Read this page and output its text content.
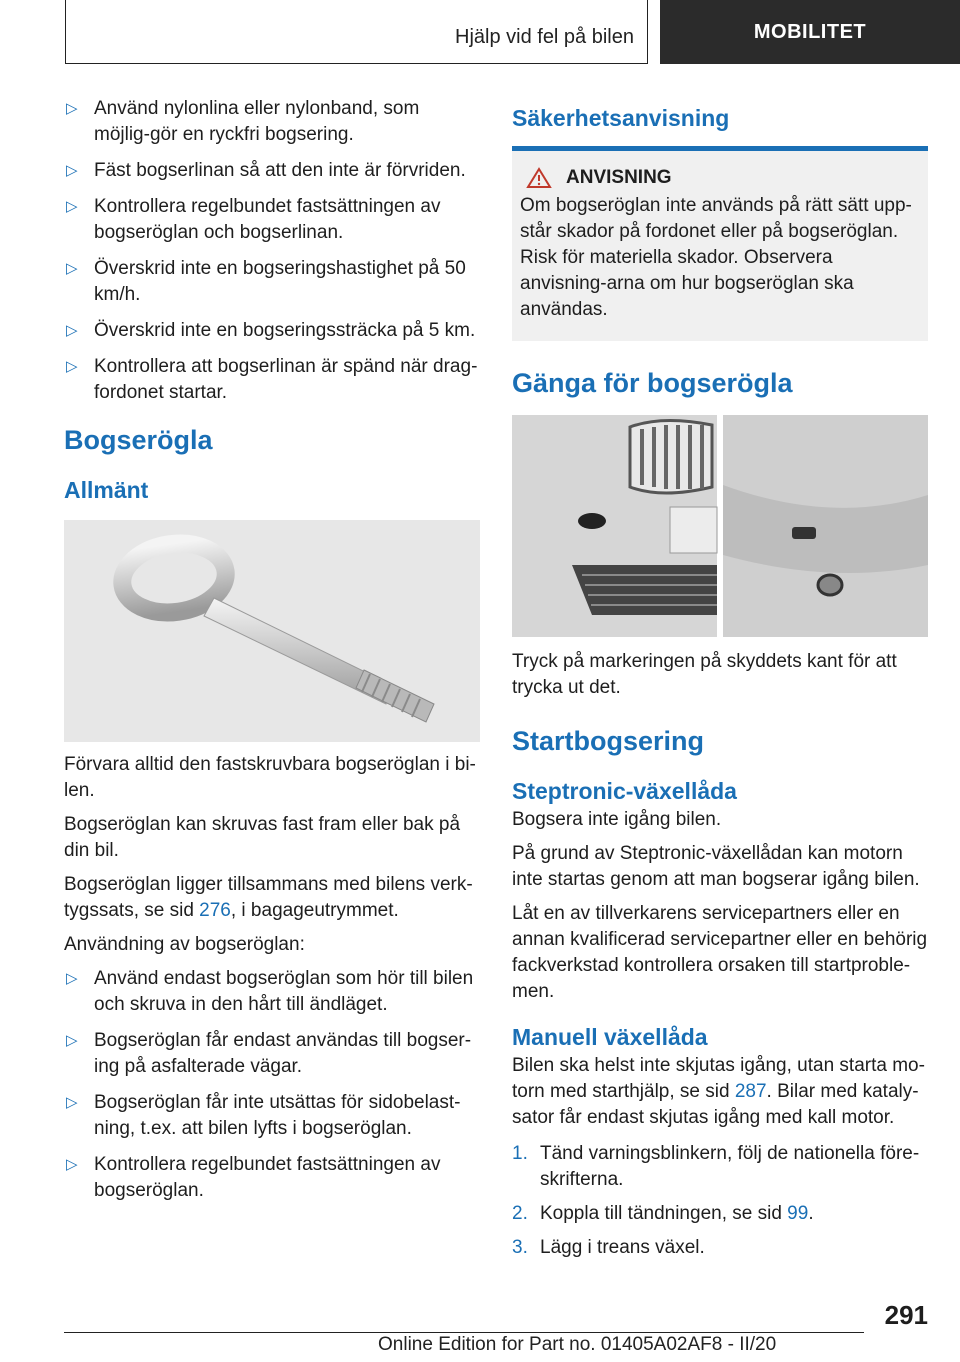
Hjälp vid fel på bilen	MOBILITET
▷ Använd nylonlina eller nylonband, som möjlig-gör en ryckfri bogsering.
▷ Fäst bogserlinan så att den inte är förvriden.
▷ Kontrollera regelbundet fastsättningen av bogseröglan och bogserlinan.
▷ Överskrid inte en bogseringshastighet på 50 km/h.
▷ Överskrid inte en bogseringssträcka på 5 km.
▷ Kontrollera att bogserlinan är spänd när drag-fordonet startar.
Bogserögla
Allmänt

Förvara alltid den fastskruvbara bogseröglan i bi-len.

Bogseröglan kan skruvas fast fram eller bak på din bil.

Bogseröglan ligger tillsammans med bilens verk-tygssats, se sid 276, i bagageutrymmet.

Användning av bogseröglan:

▷ Använd endast bogseröglan som hör till bilen och skruva in den hårt till ändläget.
▷ Bogseröglan får endast användas till bogser-ing på asfalterade vägar.
▷ Bogseröglan får inte utsättas för sidobelast-ning, t.ex. att bilen lyfts i bogseröglan.
▷ Kontrollera regelbundet fastsättningen av bogseröglan.
Säkerhetsanvisning
ANVISNING

Om bogseröglan inte används på rätt sätt upp-står skador på fordonet eller på bogseröglan. Risk för materiella skador. Observera anvisning-arna om hur bogseröglan ska användas.

Gänga för bogserögla

Tryck på markeringen på skyddets kant för att trycka ut det.

Startbogsering
Steptronic-växellåda

Bogsera inte igång bilen.

På grund av Steptronic-växellådan kan motorn inte startas genom att man bogserar igång bilen.

Låt en av tillverkarens servicepartners eller en annan kvalificerad servicepartner eller en behörig fackverkstad kontrollera orsaken till startproble-men.

Manuell växellåda

Bilen ska helst inte skjutas igång, utan starta mo-torn med starthjälp, se sid 287. Bilar med kataly-sator får endast skjutas igång med kall motor.

1. Tänd varningsblinkern, följ de nationella före-skrifterna.
2. Koppla till tändningen, se sid 99.
3. Lägg i treans växel.
291
Online Edition for Part no. 01405A02AF8 - II/20
